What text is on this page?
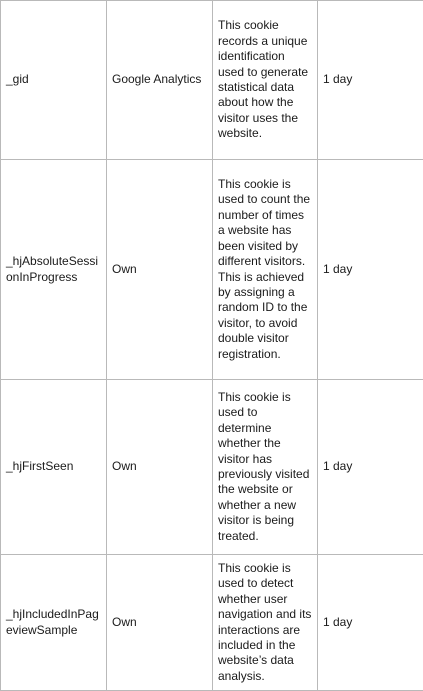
_gid	Google Analytics	This cookie records a unique identification used to generate statistical data about how the visitor uses the website.	1 day
_hjAbsoluteSessionInProgress	Own	This cookie is used to count the number of times a website has been visited by different visitors. This is achieved by assigning a random ID to the visitor, to avoid double visitor registration.	1 day
_hjFirstSeen	Own	This cookie is used to determine whether the visitor has previously visited the website or whether a new visitor is being treated.	1 day
_hjIncludedInPageviewSample	Own	This cookie is used to detect whether user navigation and its interactions are included in the website’s data analysis.	1 day
